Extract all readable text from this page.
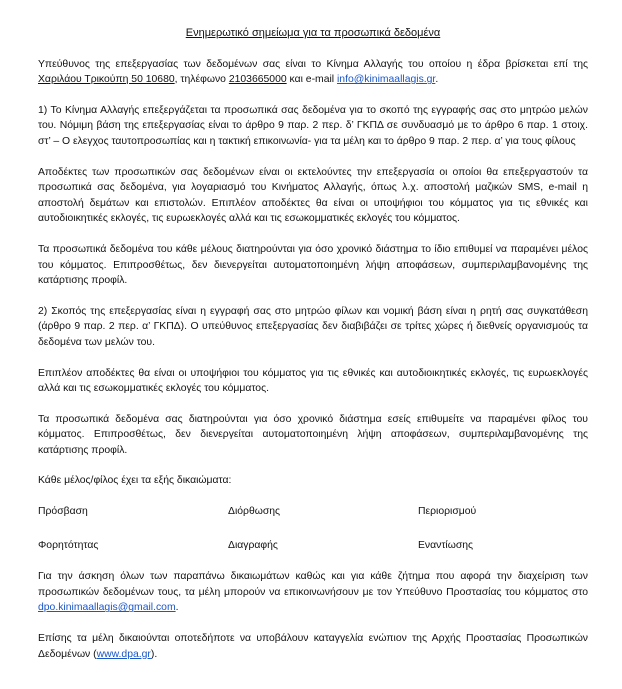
Ενημερωτικό σημείωμα για τα προσωπικά δεδομένα

Υπεύθυνος της επεξεργασίας των δεδομένων σας είναι το Κίνημα Αλλαγής του οποίου η έδρα βρίσκεται επί της Χαριλάου Τρικούπη 50 10680, τηλέφωνο 2103665000 και e-mail info@kinimaallagis.gr.

1) Το Κίνημα Αλλαγής επεξεργάζεται τα προσωπικά σας δεδομένα για το σκοπό της εγγραφής σας στο μητρώο μελών του. Νόμιμη βάση της επεξεργασίας είναι το άρθρο 9 παρ. 2 περ. δ’ ΓΚΠΔ σε συνδυασμό με το άρθρο 6 παρ. 1 στοιχ. στ’ – Ο ελεγχος ταυτοπροσωπίας και η τακτική επικοινωνία- για τα μέλη και το άρθρο 9 παρ. 2 περ. α’ για τους φίλους

Αποδέκτες των προσωπικών σας δεδομένων είναι οι εκτελούντες την επεξεργασία οι οποίοι θα επεξεργαστούν τα προσωπικά σας δεδομένα, για λογαριασμό του Κινήματος Αλλαγής, όπως λ.χ. αποστολή μαζικών SMS, e-mail η αποστολή δεμάτων και επιστολών. Επιπλέον αποδέκτες θα είναι οι υποψήφιοι του κόμματος για τις εθνικές και αυτοδιοικητικές εκλογές, τις ευρωεκλογές αλλά και τις εσωκομματικές εκλογές του κόμματος.

Τα προσωπικά δεδομένα του κάθε μέλους διατηρούνται για όσο χρονικό διάστημα το ίδιο επιθυμεί να παραμένει μέλος του κόμματος. Επιπροσθέτως, δεν διενεργείται αυτοματοποιημένη λήψη αποφάσεων, συμπεριλαμβανομένης της κατάρτισης προφίλ.

2) Σκοπός της επεξεργασίας είναι η εγγραφή σας στο μητρώο φίλων και νομική βάση είναι η ρητή σας συγκατάθεση (άρθρο 9 παρ. 2 περ. α’ ΓΚΠΔ). Ο υπεύθυνος επεξεργασίας δεν διαβιβάζει σε τρίτες χώρες ή διεθνείς οργανισμούς τα δεδομένα των μελών του.

Επιπλέον αποδέκτες θα είναι οι υποψήφιοι του κόμματος για τις εθνικές και αυτοδιοικητικές εκλογές, τις ευρωεκλογές αλλά και τις εσωκομματικές εκλογές του κόμματος.

Τα προσωπικά δεδομένα σας διατηρούνται για όσο χρονικό διάστημα εσείς επιθυμείτε να παραμένει φίλος του κόμματος. Επιπροσθέτως, δεν διενεργείται αυτοματοποιημένη λήψη αποφάσεων, συμπεριλαμβανομένης της κατάρτισης προφίλ.

Κάθε μέλος/φίλος έχει τα εξής δικαιώματα:

Πρόσβαση	Διόρθωσης	Περιορισμού
Φορητότητας	Διαγραφής	Εναντίωσης

Για την άσκηση όλων των παραπάνω δικαιωμάτων καθώς και για κάθε ζήτημα που αφορά την διαχείριση των προσωπικών δεδομένων τους, τα μέλη μπορούν να επικοινωνήσουν με τον Υπεύθυνο Προστασίας του κόμματος στο dpo.kinimaallagis@gmail.com.

Επίσης τα μέλη δικαιούνται οποτεδήποτε να υποβάλουν καταγγελία ενώπιον της Αρχής Προστασίας Προσωπικών Δεδομένων (www.dpa.gr).
